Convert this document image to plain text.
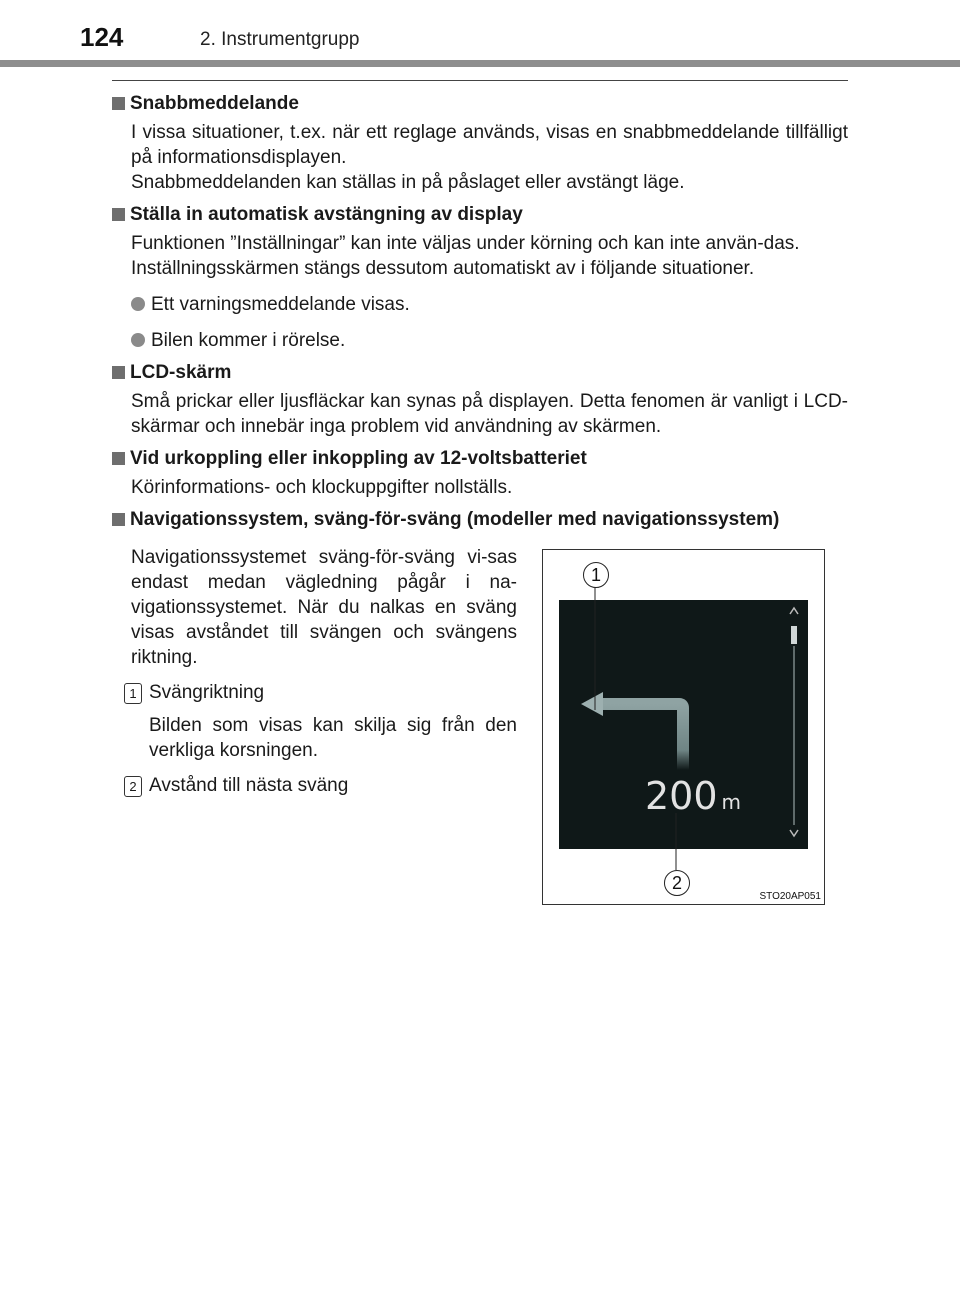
124	2. Instrumentgrupp

Snabbmeddelande

I vissa situationer, t.ex. när ett reglage används, visas en snabbmeddelande tillfälligt på informationsdisplayen.
Snabbmeddelanden kan ställas in på påslaget eller avstängt läge.

Ställa in automatisk avstängning av display

Funktionen ”Inställningar” kan inte väljas under körning och kan inte använ-das.
Inställningsskärmen stängs dessutom automatiskt av i följande situationer.
Ett varningsmeddelande visas.
Bilen kommer i rörelse.

LCD-skärm

Små prickar eller ljusfläckar kan synas på displayen. Detta fenomen är vanligt i LCD-skärmar och innebär inga problem vid användning av skärmen.

Vid urkoppling eller inkoppling av 12-voltsbatteriet

Körinformations- och klockuppgifter nollställs.

Navigationssystem, sväng-för-sväng (modeller med navigationssystem)

Navigationssystemet sväng-för-sväng vi-sas endast medan vägledning pågår i na-vigationssystemet. När du nalkas en sväng visas avståndet till svängen och svängens riktning.

1 Svängriktning
Bilden som visas kan skilja sig från den verkliga korsningen.
2 Avstånd till nästa sväng	200 m
1
2
STO20AP051
